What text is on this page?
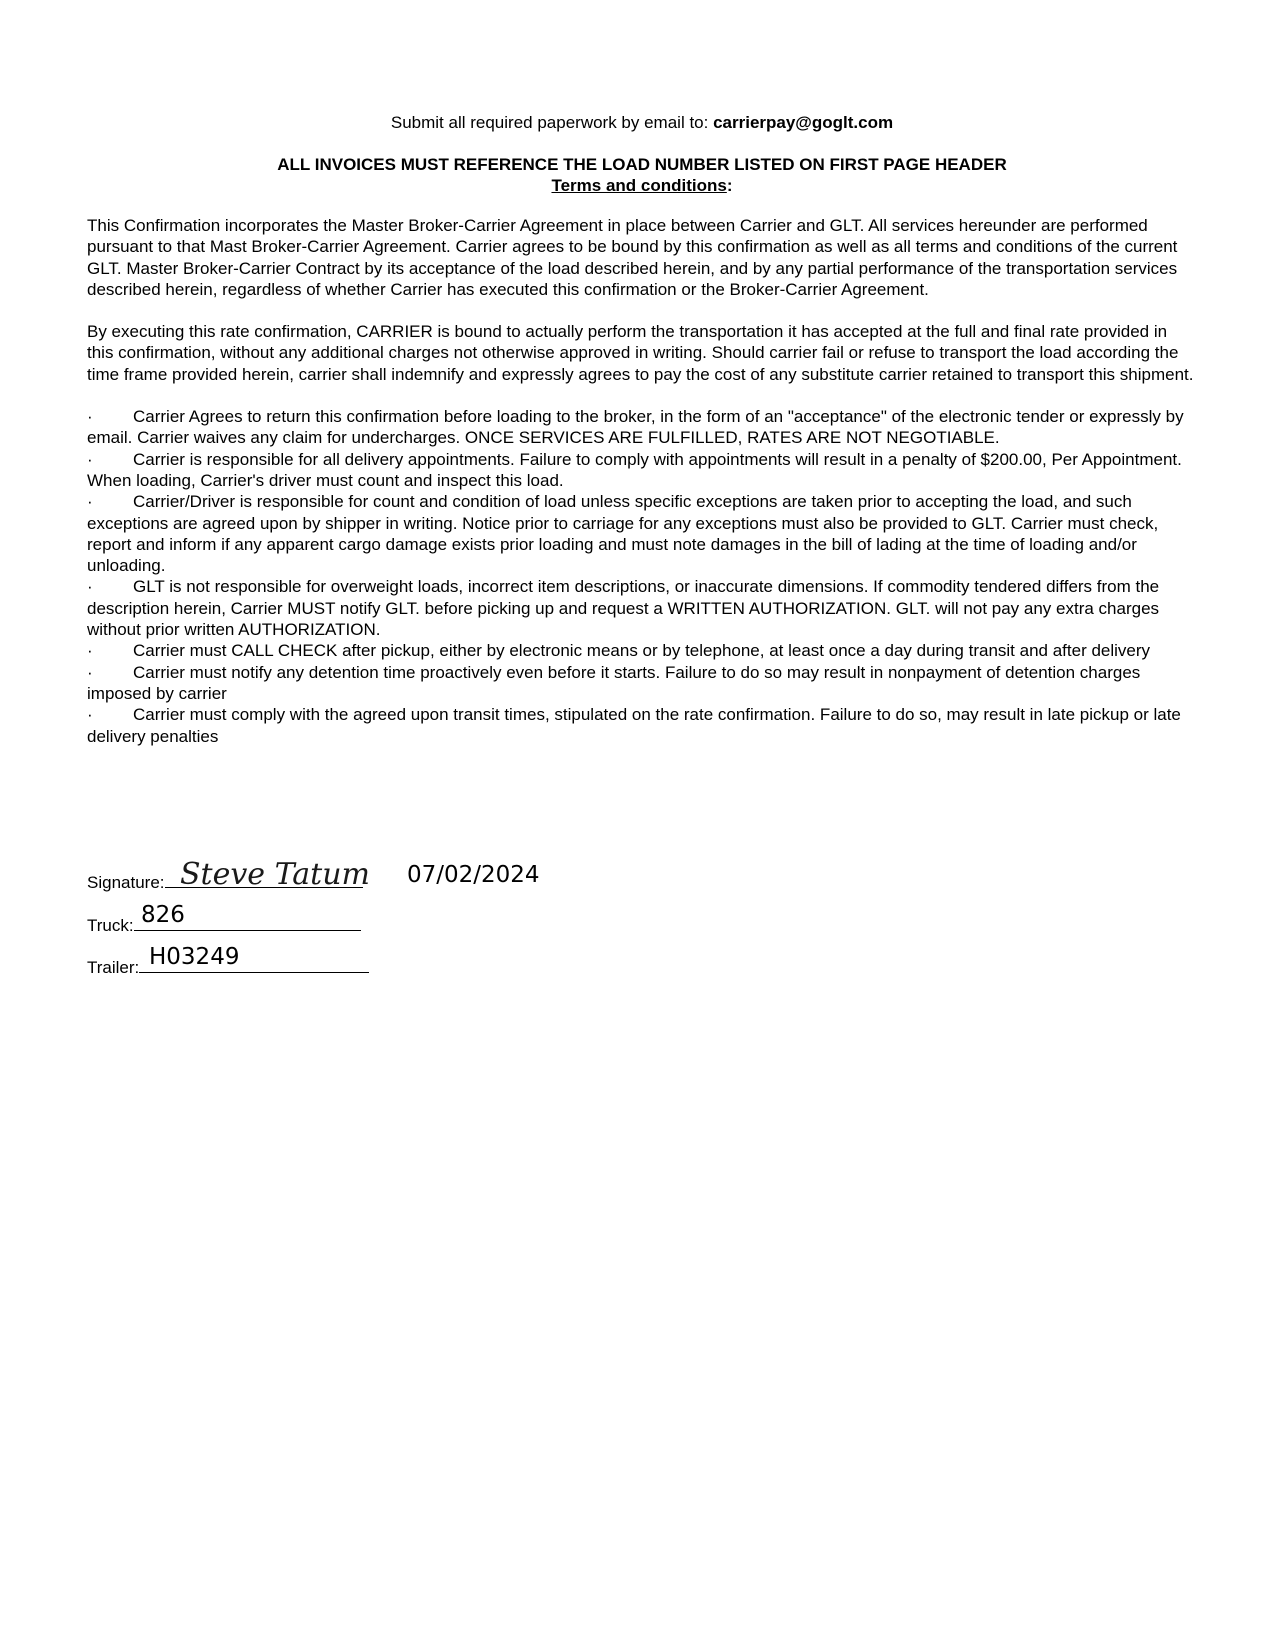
Submit all required paperwork by email to: carrierpay@goglt.com

ALL INVOICES MUST REFERENCE THE LOAD NUMBER LISTED ON FIRST PAGE HEADER

Terms and conditions:

This Confirmation incorporates the Master Broker-Carrier Agreement in place between Carrier and GLT. All services hereunder are performed pursuant to that Mast Broker-Carrier Agreement. Carrier agrees to be bound by this confirmation as well as all terms and conditions of the current GLT. Master Broker-Carrier Contract by its acceptance of the load described herein, and by any partial performance of the transportation services described herein, regardless of whether Carrier has executed this confirmation or the Broker-Carrier Agreement.

By executing this rate confirmation, CARRIER is bound to actually perform the transportation it has accepted at the full and final rate provided in this confirmation, without any additional charges not otherwise approved in writing. Should carrier fail or refuse to transport the load according the time frame provided herein, carrier shall indemnify and expressly agrees to pay the cost of any substitute carrier retained to transport this shipment.

· Carrier Agrees to return this confirmation before loading to the broker, in the form of an "acceptance" of the electronic tender or expressly by email. Carrier waives any claim for undercharges. ONCE SERVICES ARE FULFILLED, RATES ARE NOT NEGOTIABLE.

· Carrier is responsible for all delivery appointments. Failure to comply with appointments will result in a penalty of $200.00, Per Appointment. When loading, Carrier's driver must count and inspect this load.

· Carrier/Driver is responsible for count and condition of load unless specific exceptions are taken prior to accepting the load, and such exceptions are agreed upon by shipper in writing. Notice prior to carriage for any exceptions must also be provided to GLT. Carrier must check, report and inform if any apparent cargo damage exists prior loading and must note damages in the bill of lading at the time of loading and/or unloading.

· GLT is not responsible for overweight loads, incorrect item descriptions, or inaccurate dimensions. If commodity tendered differs from the description herein, Carrier MUST notify GLT. before picking up and request a WRITTEN AUTHORIZATION. GLT. will not pay any extra charges without prior written AUTHORIZATION.

· Carrier must CALL CHECK after pickup, either by electronic means or by telephone, at least once a day during transit and after delivery

· Carrier must notify any detention time proactively even before it starts. Failure to do so may result in nonpayment of detention charges imposed by carrier

· Carrier must comply with the agreed upon transit times, stipulated on the rate confirmation. Failure to do so, may result in late pickup or late delivery penalties

Signature: Steve Tatum 07/02/2024
Truck: 826
Trailer: H03249
